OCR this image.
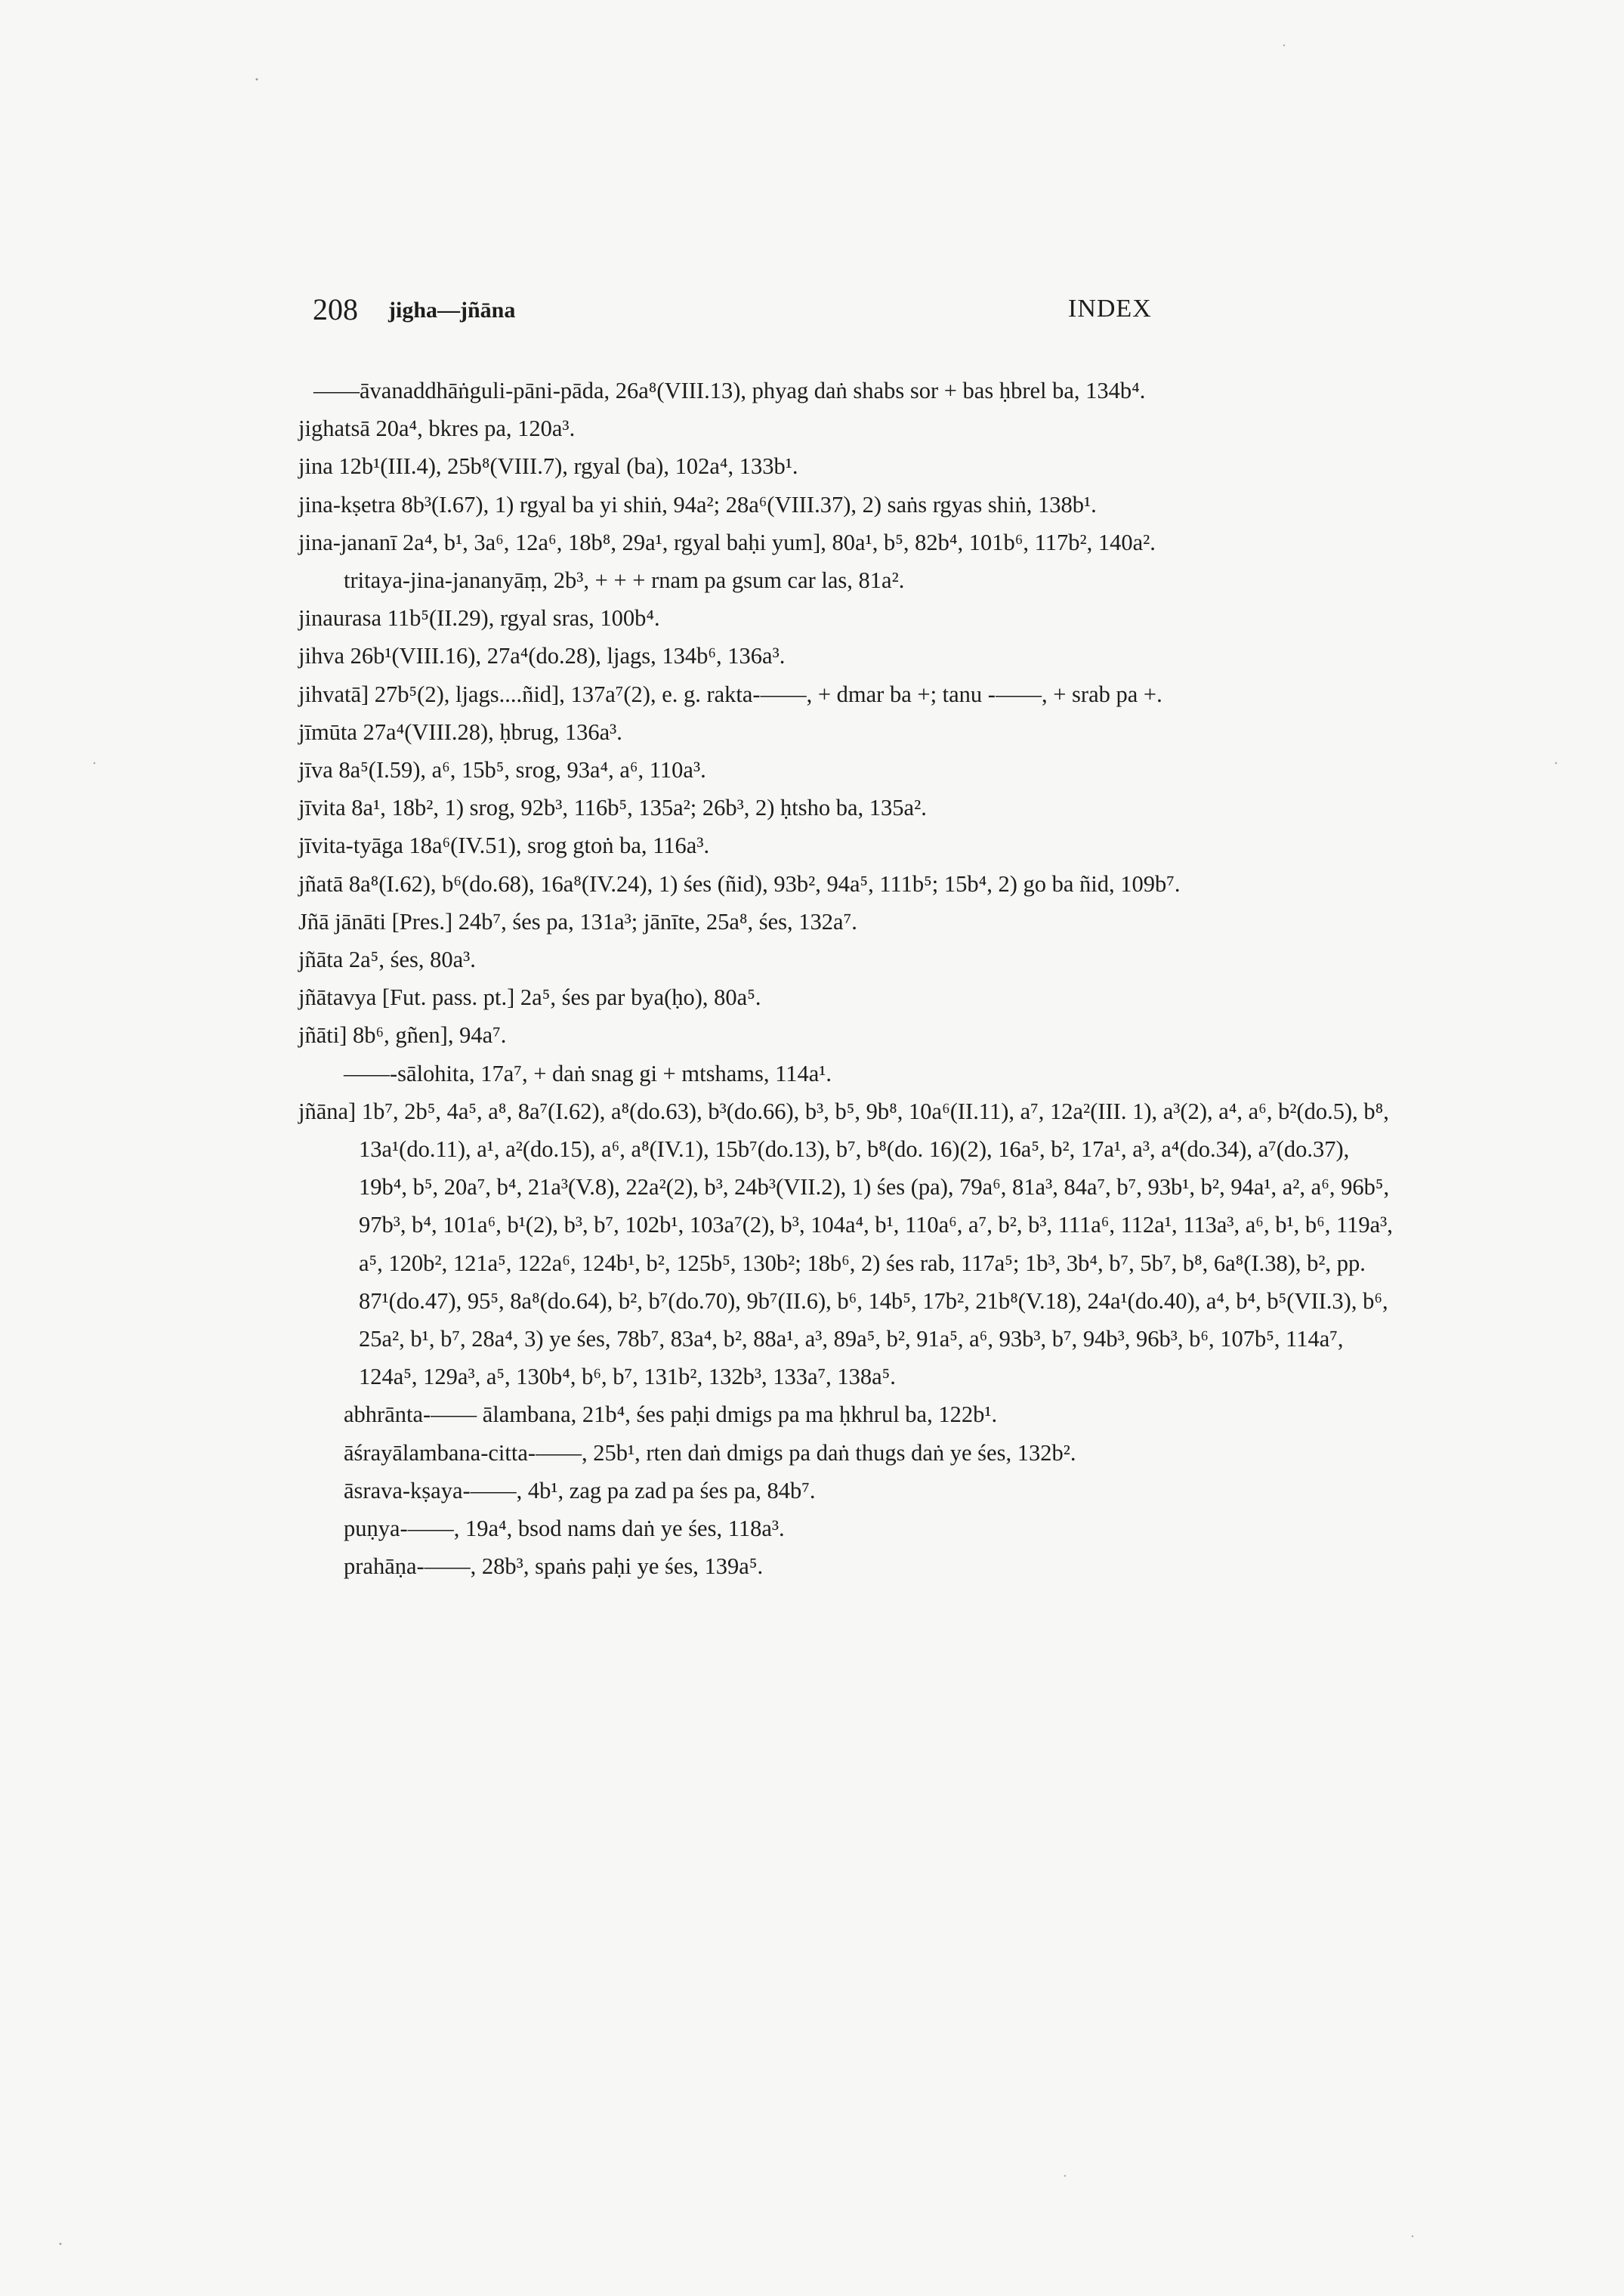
208 jigha—jñāna	INDEX

——āvanaddhāṅguli-pāni-pāda, 26a⁸(VIII.13), phyag daṅ shabs sor + bas ḥbrel ba, 134b⁴.

jighatsā 20a⁴, bkres pa, 120a³.

jina 12b¹(III.4), 25b⁸(VIII.7), rgyal (ba), 102a⁴, 133b¹.

jina-kṣetra 8b³(I.67), 1) rgyal ba yi shiṅ, 94a²; 28a⁶(VIII.37), 2) saṅs rgyas shiṅ, 138b¹.

jina-jananī 2a⁴, b¹, 3a⁶, 12a⁶, 18b⁸, 29a¹, rgyal baḥi yum], 80a¹, b⁵, 82b⁴, 101b⁶, 117b², 140a².

tritaya-jina-jananyāṃ, 2b³, + + + rnam pa gsum car las, 81a².

jinaurasa 11b⁵(II.29), rgyal sras, 100b⁴.

jihva 26b¹(VIII.16), 27a⁴(do.28), ljags, 134b⁶, 136a³.

jihvatā] 27b⁵(2), ljags....ñid], 137a⁷(2), e. g. rakta-——, + dmar ba +; tanu -——, + srab pa +.

jīmūta 27a⁴(VIII.28), ḥbrug, 136a³.

jīva 8a⁵(I.59), a⁶, 15b⁵, srog, 93a⁴, a⁶, 110a³.

jīvita 8a¹, 18b², 1) srog, 92b³, 116b⁵, 135a²; 26b³, 2) ḥtsho ba, 135a².

jīvita-tyāga 18a⁶(IV.51), srog gtoṅ ba, 116a³.

jñatā 8a⁸(I.62), b⁶(do.68), 16a⁸(IV.24), 1) śes (ñid), 93b², 94a⁵, 111b⁵; 15b⁴, 2) go ba ñid, 109b⁷.

Jñā jānāti [Pres.] 24b⁷, śes pa, 131a³; jānīte, 25a⁸, śes, 132a⁷.

jñāta 2a⁵, śes, 80a³.

jñātavya [Fut. pass. pt.] 2a⁵, śes par bya(ḥo), 80a⁵.

jñāti] 8b⁶, gñen], 94a⁷.

——-sālohita, 17a⁷, + daṅ snag gi + mtshams, 114a¹.

jñāna] 1b⁷, 2b⁵, 4a⁵, a⁸, 8a⁷(I.62), a⁸(do.63), b³(do.66), b³, b⁵, 9b⁸, 10a⁶(II.11), a⁷, 12a²(III. 1), a³(2), a⁴, a⁶, b²(do.5), b⁸, 13a¹(do.11), a¹, a²(do.15), a⁶, a⁸(IV.1), 15b⁷(do.13), b⁷, b⁸(do. 16)(2), 16a⁵, b², 17a¹, a³, a⁴(do.34), a⁷(do.37), 19b⁴, b⁵, 20a⁷, b⁴, 21a³(V.8), 22a²(2), b³, 24b³(VII.2), 1) śes (pa), 79a⁶, 81a³, 84a⁷, b⁷, 93b¹, b², 94a¹, a², a⁶, 96b⁵, 97b³, b⁴, 101a⁶, b¹(2), b³, b⁷, 102b¹, 103a⁷(2), b³, 104a⁴, b¹, 110a⁶, a⁷, b², b³, 111a⁶, 112a¹, 113a³, a⁶, b¹, b⁶, 119a³, a⁵, 120b², 121a⁵, 122a⁶, 124b¹, b², 125b⁵, 130b²; 18b⁶, 2) śes rab, 117a⁵; 1b³, 3b⁴, b⁷, 5b⁷, b⁸, 6a⁸(I.38), b², pp. 87¹(do.47), 95⁵, 8a⁸(do.64), b², b⁷(do.70), 9b⁷(II.6), b⁶, 14b⁵, 17b², 21b⁸(V.18), 24a¹(do.40), a⁴, b⁴, b⁵(VII.3), b⁶, 25a², b¹, b⁷, 28a⁴, 3) ye śes, 78b⁷, 83a⁴, b², 88a¹, a³, 89a⁵, b², 91a⁵, a⁶, 93b³, b⁷, 94b³, 96b³, b⁶, 107b⁵, 114a⁷, 124a⁵, 129a³, a⁵, 130b⁴, b⁶, b⁷, 131b², 132b³, 133a⁷, 138a⁵.

abhrānta-—— ālambana, 21b⁴, śes paḥi dmigs pa ma ḥkhrul ba, 122b¹.

āśrayālambana-citta-——, 25b¹, rten daṅ dmigs pa daṅ thugs daṅ ye śes, 132b².

āsrava-kṣaya-——, 4b¹, zag pa zad pa śes pa, 84b⁷.

puṇya-——, 19a⁴, bsod nams daṅ ye śes, 118a³.

prahāṇa-——, 28b³, spaṅs paḥi ye śes, 139a⁵.
